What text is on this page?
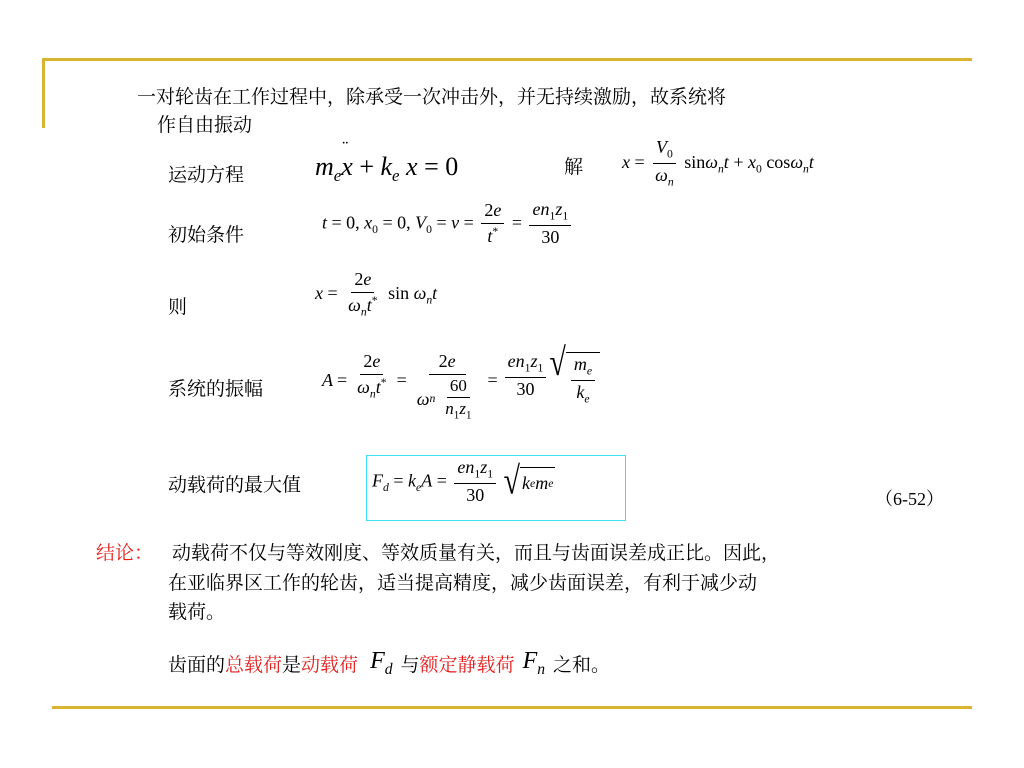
一对轮齿在工作过程中，除承受一次冲击外，并无持续激励，故系统将
作自由振动
运动方程	$m_ex$
¨
+ $k_e$ x = 0	解 $x = \frac{V_0}{\omega_n} \sin\omega_nt + x_0$ cosω$_n$t
初始条件
t = 0, $x_0 = 0$, $V_0 = v = \frac{2e}{t^*} = \frac{en_1z_1}{30}$
则
$x = \frac{2e}{\omega_nt^*}$ $\sin \omega_nt$
系统的振幅	$A = \frac{2e}{\omega_nt^*} = \frac{2e}{\omega n \frac{60}{n_1z_1}} = \frac{en_1z_1}{30}$ √ $\frac{m_e}{k_e}$
动载荷的最大值	$F_d = k_eA = \frac{en_1z_1}{30}$
√ k e m e
（6-52）
结论： 动载荷不仅与等效刚度、等效质量有关，而且与齿面误差成正比。因此，
在亚临界区工作的轮齿，适当提高精度，减少齿面误差，有利于减少动
载荷。
齿面的 总载荷 是 动载荷 $F_d$ 与 额定静载荷 $F_n$ 之和。
